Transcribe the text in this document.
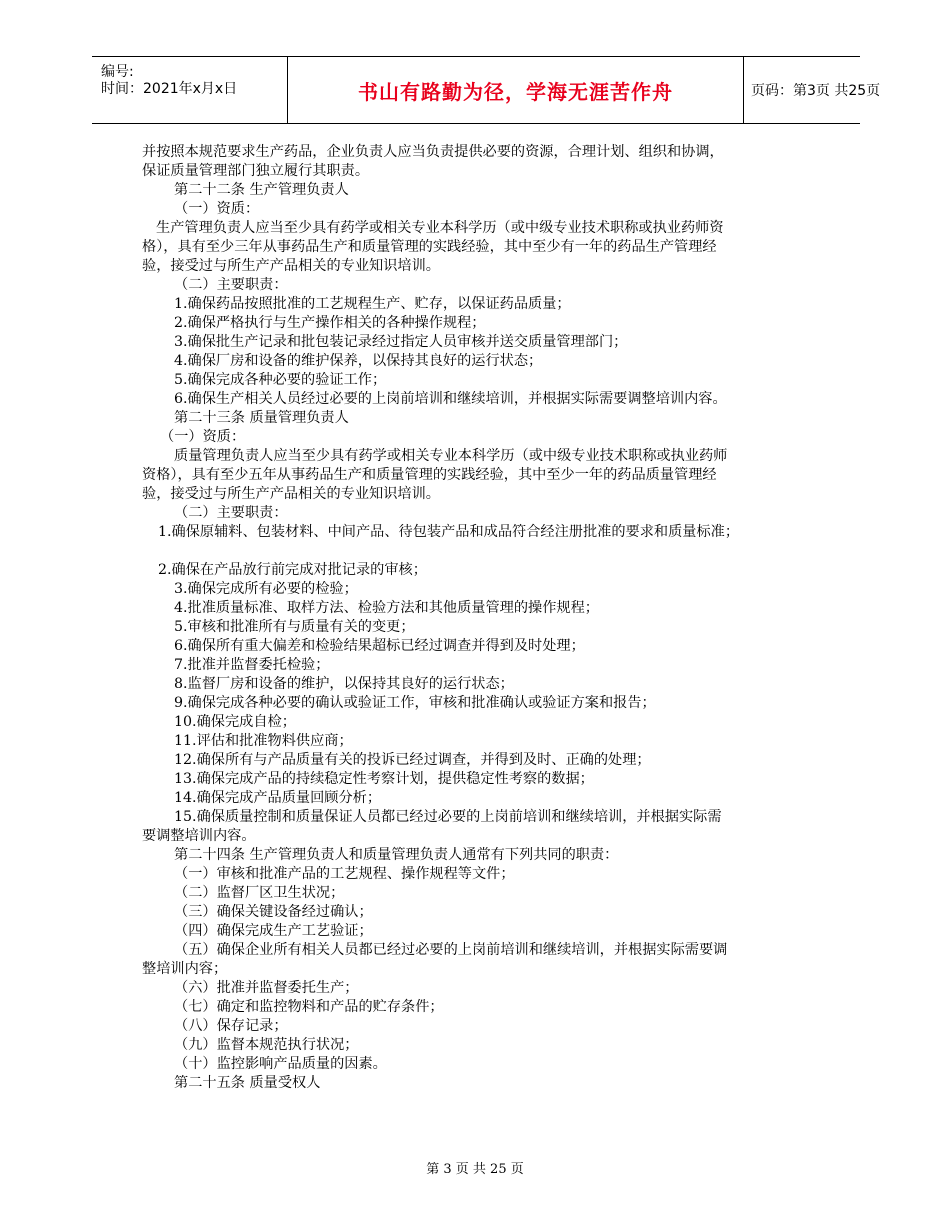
编号:
时间：2021年x月x日	书山有路勤为径，学海无涯苦作舟	页码：第3页 共25页
并按照本规范要求生产药品，企业负责人应当负责提供必要的资源，合理计划、组织和协调，
保证质量管理部门独立履行其职责。
第二十二条 生产管理负责人
（一）资质：
生产管理负责人应当至少具有药学或相关专业本科学历（或中级专业技术职称或执业药师资
格），具有至少三年从事药品生产和质量管理的实践经验，其中至少有一年的药品生产管理经
验，接受过与所生产产品相关的专业知识培训。
（二）主要职责：
1.确保药品按照批准的工艺规程生产、贮存，以保证药品质量；
2.确保严格执行与生产操作相关的各种操作规程；
3.确保批生产记录和批包装记录经过指定人员审核并送交质量管理部门；
4.确保厂房和设备的维护保养，以保持其良好的运行状态；
5.确保完成各种必要的验证工作；
6.确保生产相关人员经过必要的上岗前培训和继续培训，并根据实际需要调整培训内容。
第二十三条 质量管理负责人
（一）资质：
质量管理负责人应当至少具有药学或相关专业本科学历（或中级专业技术职称或执业药师
资格），具有至少五年从事药品生产和质量管理的实践经验，其中至少一年的药品质量管理经
验，接受过与所生产产品相关的专业知识培训。
（二）主要职责：
1.确保原辅料、包装材料、中间产品、待包装产品和成品符合经注册批准的要求和质量标准；
2.确保在产品放行前完成对批记录的审核；
3.确保完成所有必要的检验；
4.批准质量标准、取样方法、检验方法和其他质量管理的操作规程；
5.审核和批准所有与质量有关的变更；
6.确保所有重大偏差和检验结果超标已经过调查并得到及时处理；
7.批准并监督委托检验；
8.监督厂房和设备的维护，以保持其良好的运行状态；
9.确保完成各种必要的确认或验证工作，审核和批准确认或验证方案和报告；
10.确保完成自检；
11.评估和批准物料供应商；
12.确保所有与产品质量有关的投诉已经过调查，并得到及时、正确的处理；
13.确保完成产品的持续稳定性考察计划，提供稳定性考察的数据；
14.确保完成产品质量回顾分析；
15.确保质量控制和质量保证人员都已经过必要的上岗前培训和继续培训，并根据实际需
要调整培训内容。
第二十四条 生产管理负责人和质量管理负责人通常有下列共同的职责：
（一）审核和批准产品的工艺规程、操作规程等文件；
（二）监督厂区卫生状况；
（三）确保关键设备经过确认；
（四）确保完成生产工艺验证；
（五）确保企业所有相关人员都已经过必要的上岗前培训和继续培训，并根据实际需要调
整培训内容；
（六）批准并监督委托生产；
（七）确定和监控物料和产品的贮存条件；
（八）保存记录；
（九）监督本规范执行状况；
（十）监控影响产品质量的因素。
第二十五条 质量受权人
第 3 页 共 25 页
